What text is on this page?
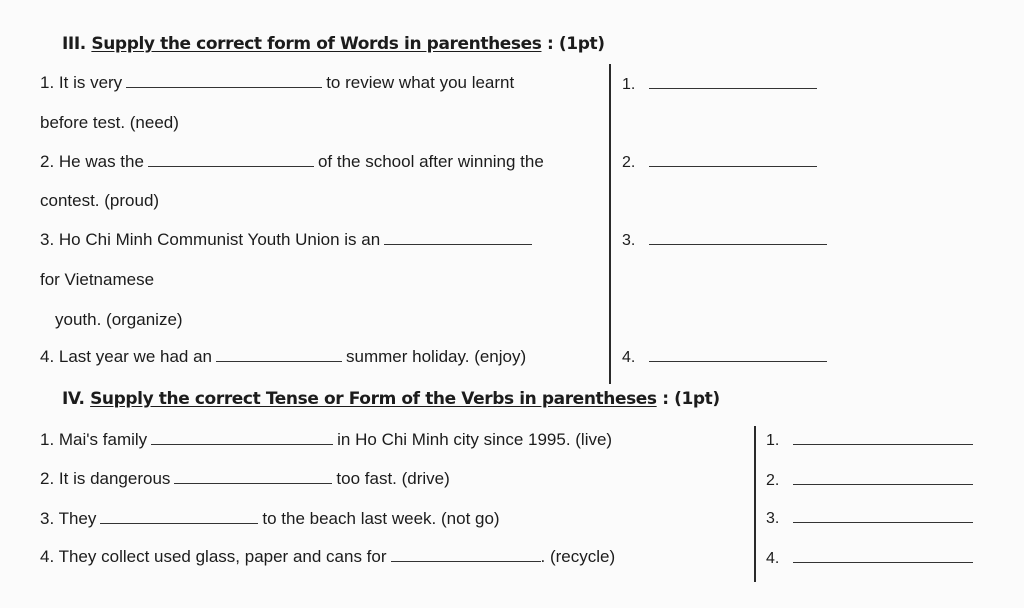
III. Supply the correct form of Words in parentheses : (1pt)
1. It is very	to review what you learnt
before test. (need)
2. He was the	of the school after winning the
contest. (proud)
3. Ho Chi Minh Communist Youth Union is an
for Vietnamese
youth. (organize)
4. Last year we had an	summer holiday. (enjoy)
1.
2.
3.
4.
IV. Supply the correct Tense or Form of the Verbs in parentheses : (1pt)
1. Mai's family	in Ho Chi Minh city since 1995. (live)
2. It is dangerous	too fast. (drive)
3. They	to the beach last week. (not go)
4. They collect used glass, paper and cans for	. (recycle)
1.
2.
3.
4.
